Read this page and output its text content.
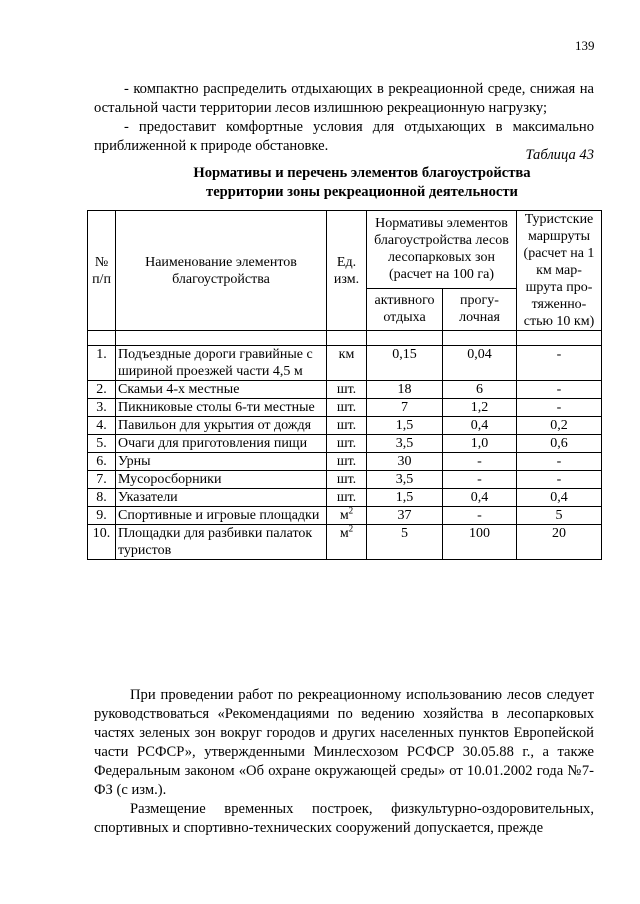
139

- компактно распределить отдыхающих в рекреационной среде, снижая на остальной части территории лесов излишнюю рекреационную нагрузку;

- предоставит комфортные условия для отдыхающих в максимально приближенной к природе обстановке.

Таблица 43
Нормативы и перечень элементов благоустройства
территории зоны рекреационной деятельности
№ п/п	Наименование элементов благоустройства	Ед. изм.	Нормативы элементов благоустройства лесов лесопарковых зон (расчет на 100 га)		Туристские маршруты (расчет на 1 км мар-шрута про-тяженно-стью 10 км)
			активного отдыха	прогу-лочная	

1.	Подъездные дороги гравийные с шириной проезжей части 4,5 м	км	0,15	0,04	-
2.	Скамьи 4-х местные	шт.	18	6	-
3.	Пикниковые столы 6-ти местные	шт.	7	1,2	-
4.	Павильон для укрытия от дождя	шт.	1,5	0,4	0,2
5.	Очаги для приготовления пищи	шт.	3,5	1,0	0,6
6.	Урны	шт.	30	-	-
7.	Мусоросборники	шт.	3,5	-	-
8.	Указатели	шт.	1,5	0,4	0,4
9.	Спортивные и игровые площадки	$м^2$	37	-	5
10.	Площадки для разбивки палаток туристов	$м^2$	5	100	20

При проведении работ по рекреационному использованию лесов следует руководствоваться «Рекомендациями по ведению хозяйства в лесопарковых частях зеленых зон вокруг городов и других населенных пунктов Европейской части РСФСР», утвержденными Минлесхозом РСФСР 30.05.88 г., а также Федеральным законом «Об охране окружающей среды» от 10.01.2002 года №7-ФЗ (с изм.).

Размещение временных построек, физкультурно-оздоровительных, спортивных и спортивно-технических сооружений допускается, прежде
